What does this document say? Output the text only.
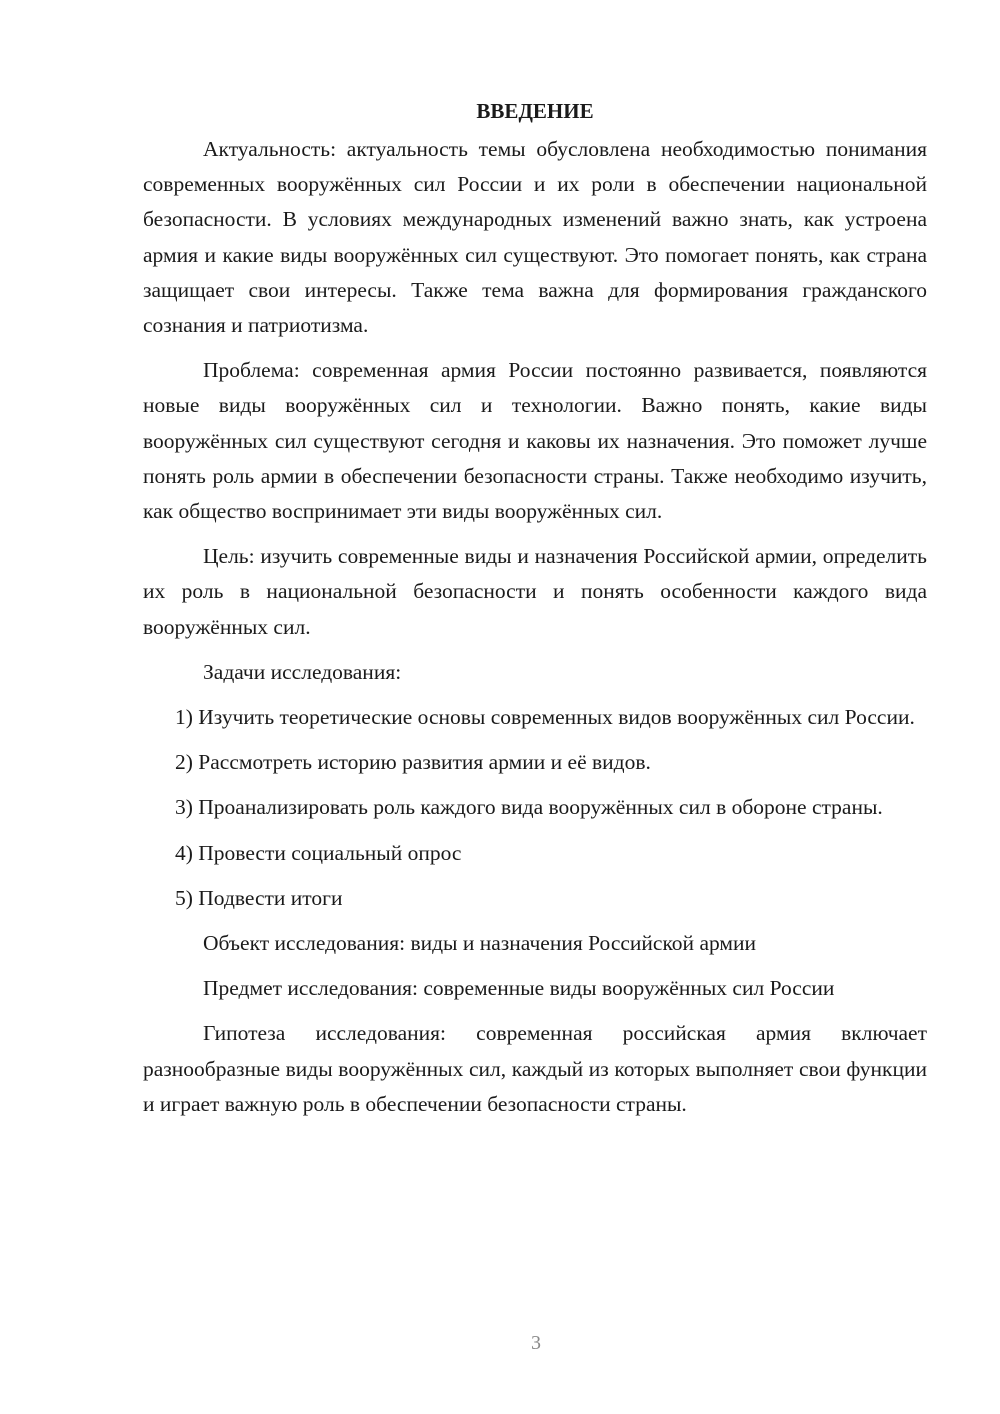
ВВЕДЕНИЕ

Актуальность: актуальность темы обусловлена необходимостью понимания современных вооружённых сил России и их роли в обеспечении национальной безопасности. В условиях международных изменений важно знать, как устроена армия и какие виды вооружённых сил существуют. Это помогает понять, как страна защищает свои интересы. Также тема важна для формирования гражданского сознания и патриотизма.

Проблема: современная армия России постоянно развивается, появляются новые виды вооружённых сил и технологии. Важно понять, какие виды вооружённых сил существуют сегодня и каковы их назначения. Это поможет лучше понять роль армии в обеспечении безопасности страны. Также необходимо изучить, как общество воспринимает эти виды вооружённых сил.

Цель: изучить современные виды и назначения Российской армии, определить их роль в национальной безопасности и понять особенности каждого вида вооружённых сил.

Задачи исследования:

1) Изучить теоретические основы современных видов вооружённых сил России.

2) Рассмотреть историю развития армии и её видов.

3) Проанализировать роль каждого вида вооружённых сил в обороне страны.

4) Провести социальный опрос

5) Подвести итоги

Объект исследования: виды и назначения Российской армии

Предмет исследования: современные виды вооружённых сил России

Гипотеза исследования: современная российская армия включает разнообразные виды вооружённых сил, каждый из которых выполняет свои функции и играет важную роль в обеспечении безопасности страны.

3
